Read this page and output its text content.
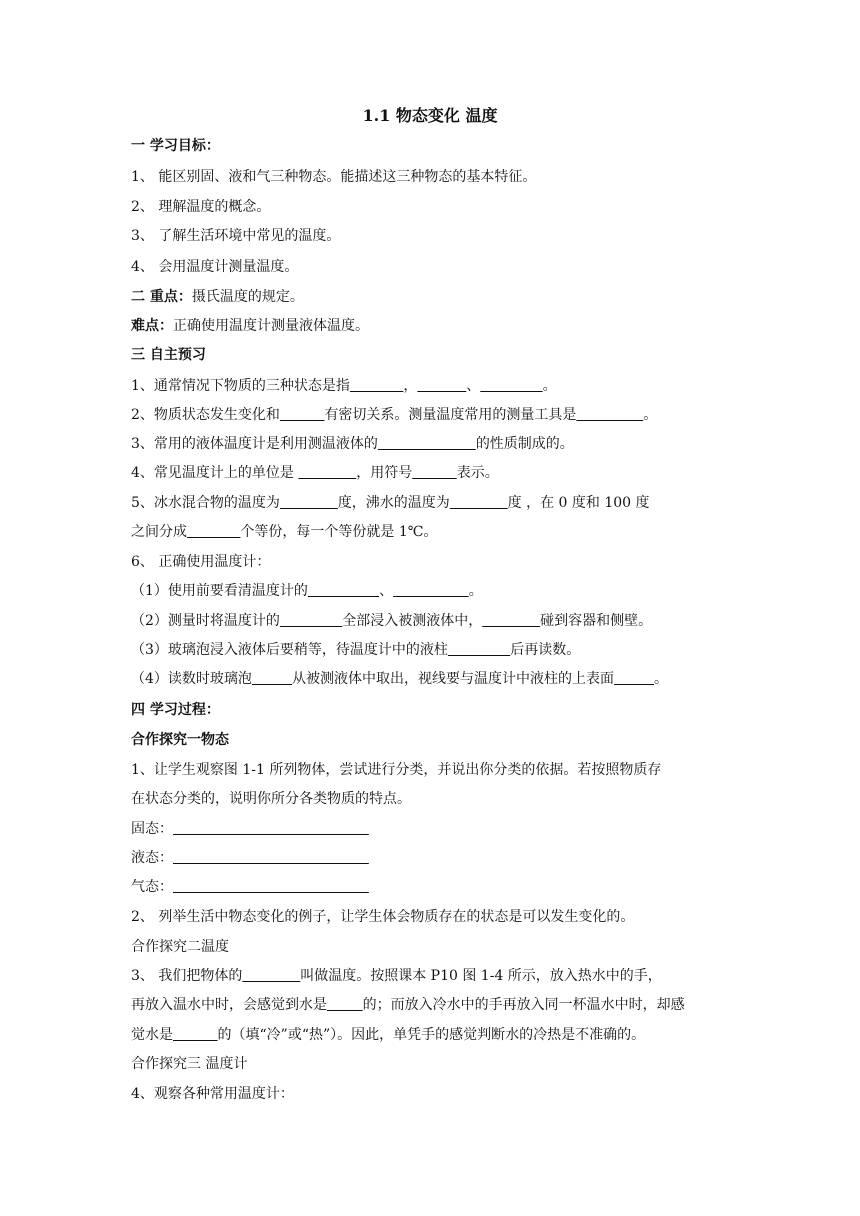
1.1 物态变化 温度
一 学习目标：
1、 能区别固、液和气三种物态。能描述这三种物态的基本特征。
2、 理解温度的概念。
3、 了解生活环境中常见的温度。
4、 会用温度计测量温度。
二 重点：摄氏温度的规定。
难点：正确使用温度计测量液体温度。
三 自主预习
1、通常情况下物质的三种状态是指	，	、	。
2、物质状态发生变化和	有密切关系。测量温度常用的测量工具是	。
3、常用的液体温度计是利用测温液体的	的性质制成的。
4、常见温度计上的单位是	，用符号	表示。
5、冰水混合物的温度为	度，沸水的温度为	度 ，在 0 度和 100 度
之间分成	个等份，每一个等份就是 1℃。
6、 正确使用温度计：
（1）使用前要看清温度计的	、	。
（2）测量时将温度计的	全部浸入被测液体中，	碰到容器和侧壁。
（3）玻璃泡浸入液体后要稍等，待温度计中的液柱	后再读数。
（4）读数时玻璃泡	从被测液体中取出，视线要与温度计中液柱的上表面	。
四 学习过程：
合作探究一物态
1、让学生观察图 1-1 所列物体，尝试进行分类，并说出你分类的依据。若按照物质存
在状态分类的，说明你所分各类物质的特点。
固态：
液态：
气态：
2、 列举生活中物态变化的例子，让学生体会物质存在的状态是可以发生变化的。
合作探究二温度
3、 我们把物体的	叫做温度。按照课本 P10 图 1-4 所示，放入热水中的手，
再放入温水中时，会感觉到水是	的；而放入冷水中的手再放入同一杯温水中时，却感
觉水是	的（填“冷”或“热”）。因此，单凭手的感觉判断水的冷热是不准确的。
合作探究三 温度计
4、观察各种常用温度计：
